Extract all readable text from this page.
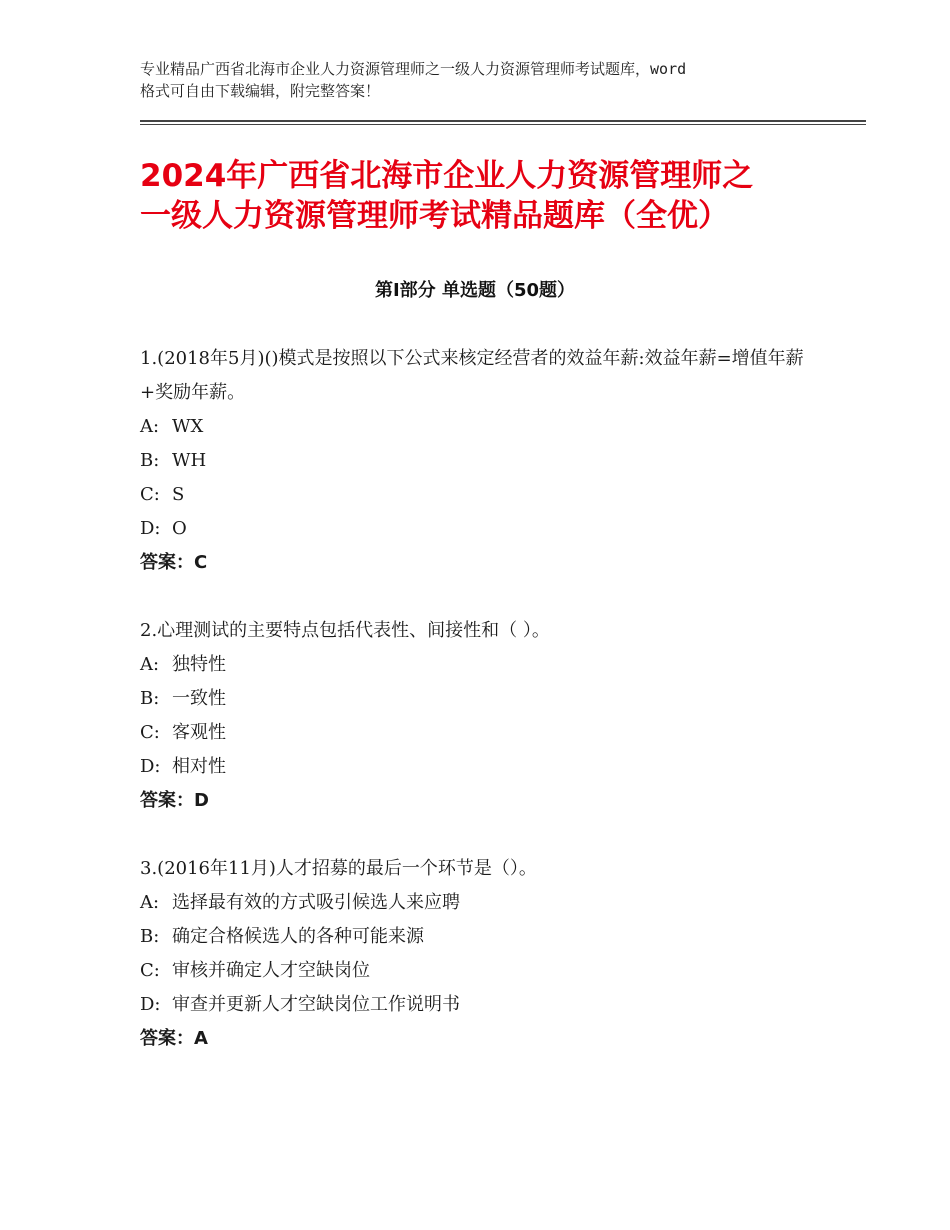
专业精品广西省北海市企业人力资源管理师之一级人力资源管理师考试题库，word
格式可自由下载编辑，附完整答案！
2024年广西省北海市企业人力资源管理师之
一级人力资源管理师考试精品题库（全优）
第Ⅰ部分 单选题（50题）

1.(2018年5月)()模式是按照以下公式来核定经营者的效益年薪:效益年薪=增值年薪+奖励年薪。

A: WX
B: WH
C: S
D: O
答案：C

2.心理测试的主要特点包括代表性、间接性和（ ）。

A: 独特性
B: 一致性
C: 客观性
D: 相对性
答案：D

3.(2016年11月)人才招募的最后一个环节是（）。

A: 选择最有效的方式吸引候选人来应聘
B: 确定合格候选人的各种可能来源
C: 审核并确定人才空缺岗位
D: 审查并更新人才空缺岗位工作说明书
答案：A
